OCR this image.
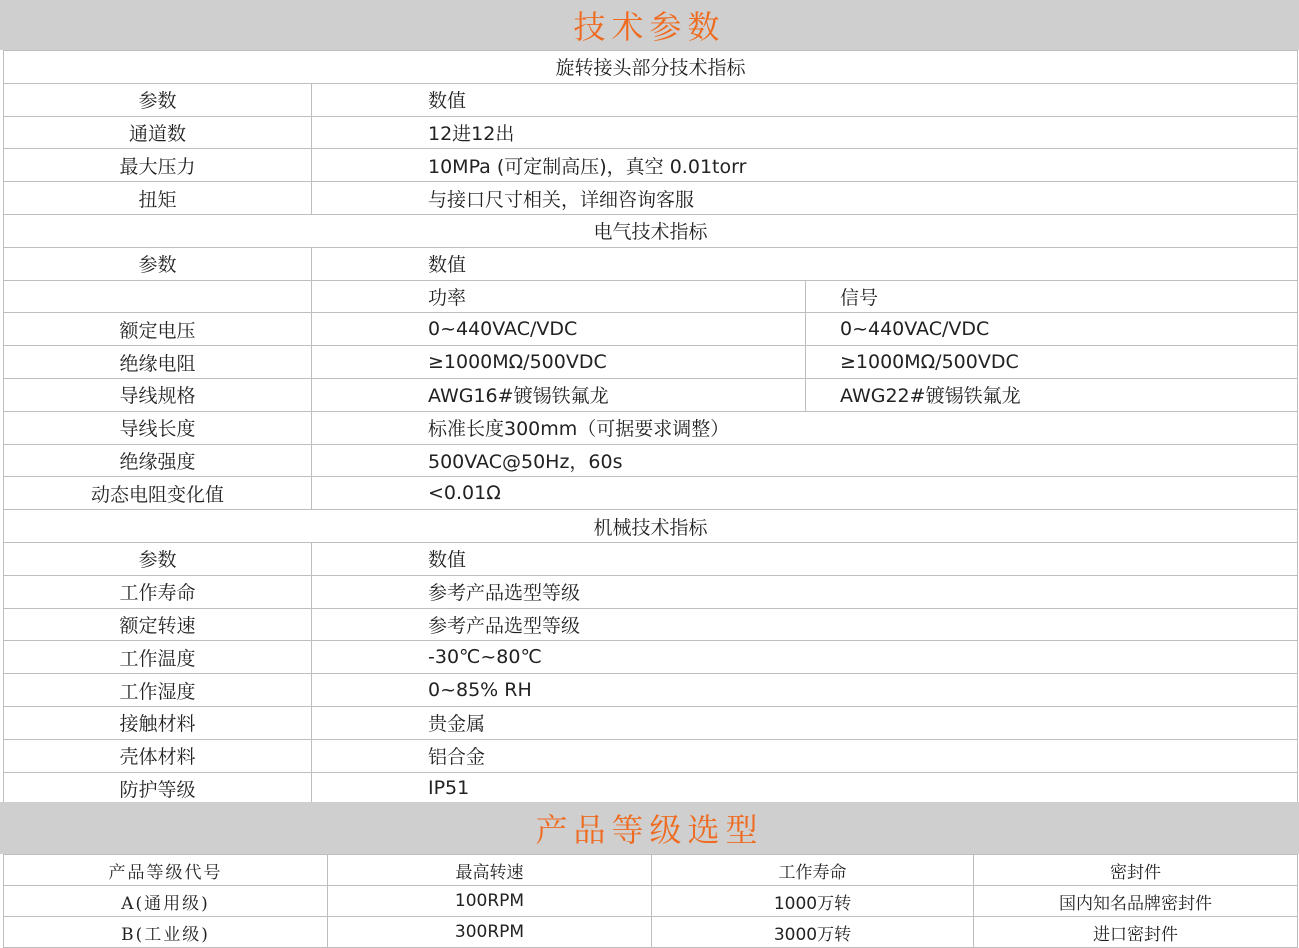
技术参数
旋转接头部分技术指标		
参数	数值	
通道数	12进12出	
最大压力	10MPa (可定制高压)，真空 0.01torr	
扭矩	与接口尺寸相关，详细咨询客服	
电气技术指标		
参数	数值	
	功率	信号
额定电压	0~440VAC/VDC	0~440VAC/VDC
绝缘电阻	≥1000MΩ/500VDC	≥1000MΩ/500VDC
导线规格	AWG16#镀锡铁氟龙	AWG22#镀锡铁氟龙
导线长度	标准长度300mm（可据要求调整）	
绝缘强度	500VAC@50Hz，60s	
动态电阻变化值	<0.01Ω	
机械技术指标		
参数	数值	
工作寿命	参考产品选型等级	
额定转速	参考产品选型等级	
工作温度	-30℃~80℃	
工作湿度	0~85% RH	
接触材料	贵金属	
壳体材料	铝合金	
防护等级	IP51	
产品等级选型
产品等级代号	最高转速	工作寿命	密封件
A(通用级)	100RPM	1000万转	国内知名品牌密封件
B(工业级)	300RPM	3000万转	进口密封件
